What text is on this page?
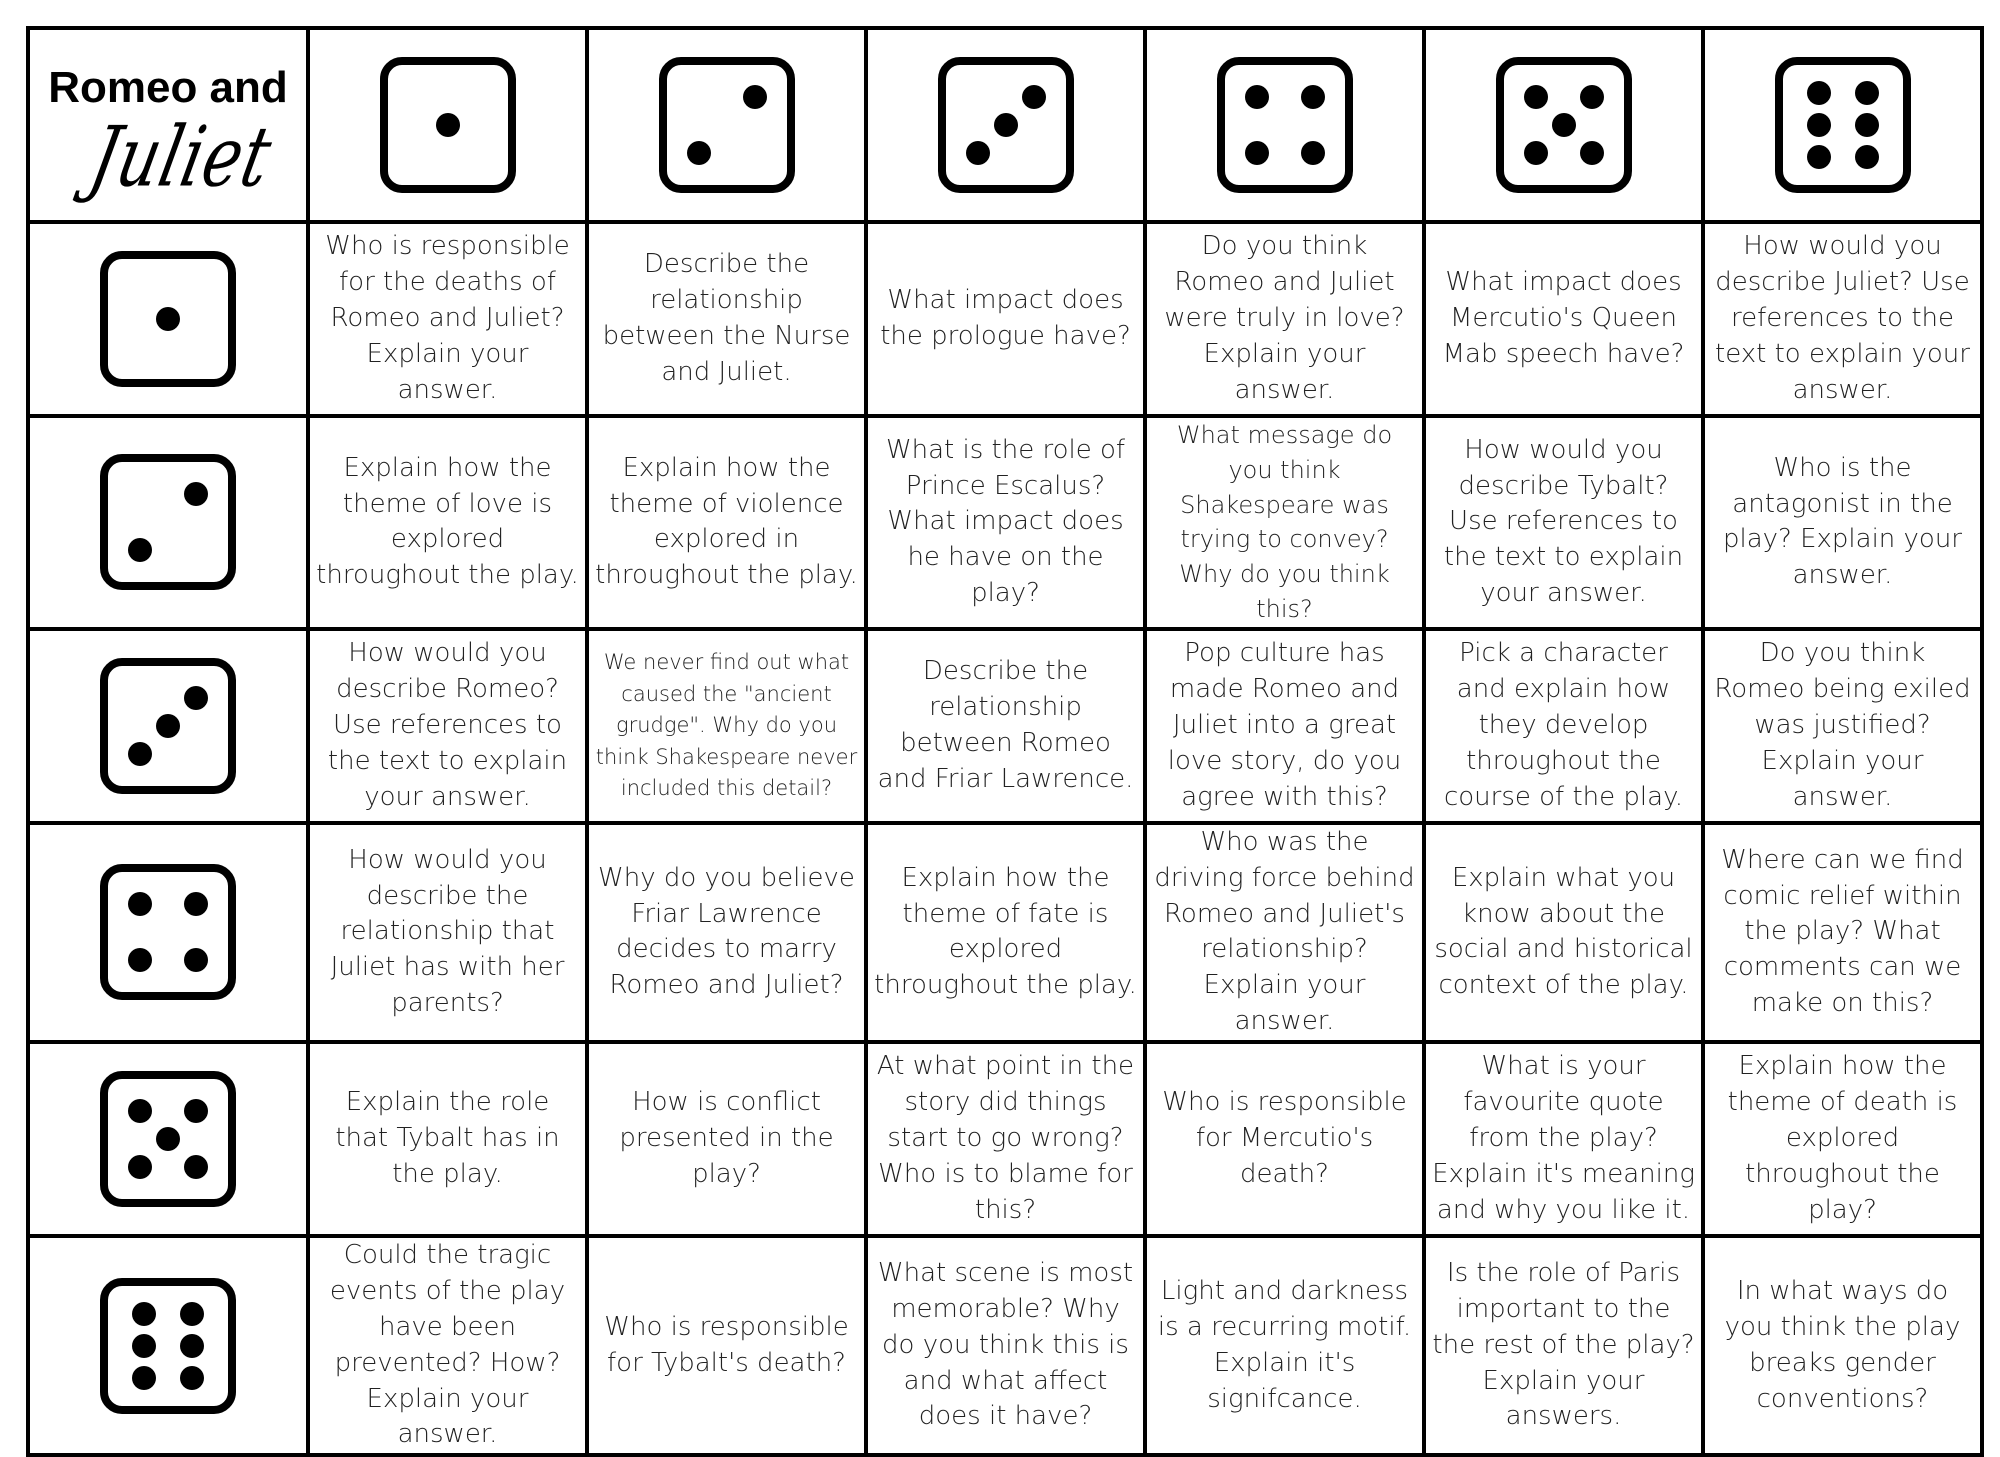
Romeo and
Juliet

	Who is responsible for the deaths of Romeo and Juliet? Explain your answer.	Describe the relationship between the Nurse and Juliet.	What impact does the prologue have?	Do you think Romeo and Juliet were truly in love? Explain your answer.	What impact does Mercutio's Queen Mab speech have?	How would you describe Juliet? Use references to the text to explain your answer.

	Explain how the theme of love is explored throughout the play.	Explain how the theme of violence explored in throughout the play.	What is the role of Prince Escalus? What impact does he have on the play?	What message do you think Shakespeare was trying to convey? Why do you think this?	How would you describe Tybalt? Use references to the text to explain your answer.	Who is the antagonist in the play? Explain your answer.

	How would you describe Romeo? Use references to the text to explain your answer.	We never find out what caused the "ancient grudge". Why do you think Shakespeare never included this detail?	Describe the relationship between Romeo and Friar Lawrence.	Pop culture has made Romeo and Juliet into a great love story, do you agree with this?	Pick a character and explain how they develop throughout the course of the play.	Do you think Romeo being exiled was justified? Explain your answer.

	How would you describe the relationship that Juliet has with her parents?	Why do you believe Friar Lawrence decides to marry Romeo and Juliet?	Explain how the theme of fate is explored throughout the play.	Who was the driving force behind Romeo and Juliet's relationship? Explain your answer.	Explain what you know about the social and historical context of the play.	Where can we find comic relief within the play? What comments can we make on this?

	Explain the role that Tybalt has in the play.	How is conflict presented in the play?	At what point in the story did things start to go wrong? Who is to blame for this?	Who is responsible for Mercutio's death?	What is your favourite quote from the play? Explain it's meaning and why you like it.	Explain how the theme of death is explored throughout the play?

	Could the tragic events of the play have been prevented? How? Explain your answer.	Who is responsible for Tybalt's death?	What scene is most memorable? Why do you think this is and what affect does it have?	Light and darkness is a recurring motif. Explain it's signifcance.	Is the role of Paris important to the the rest of the play? Explain your answers.	In what ways do you think the play breaks gender conventions?
